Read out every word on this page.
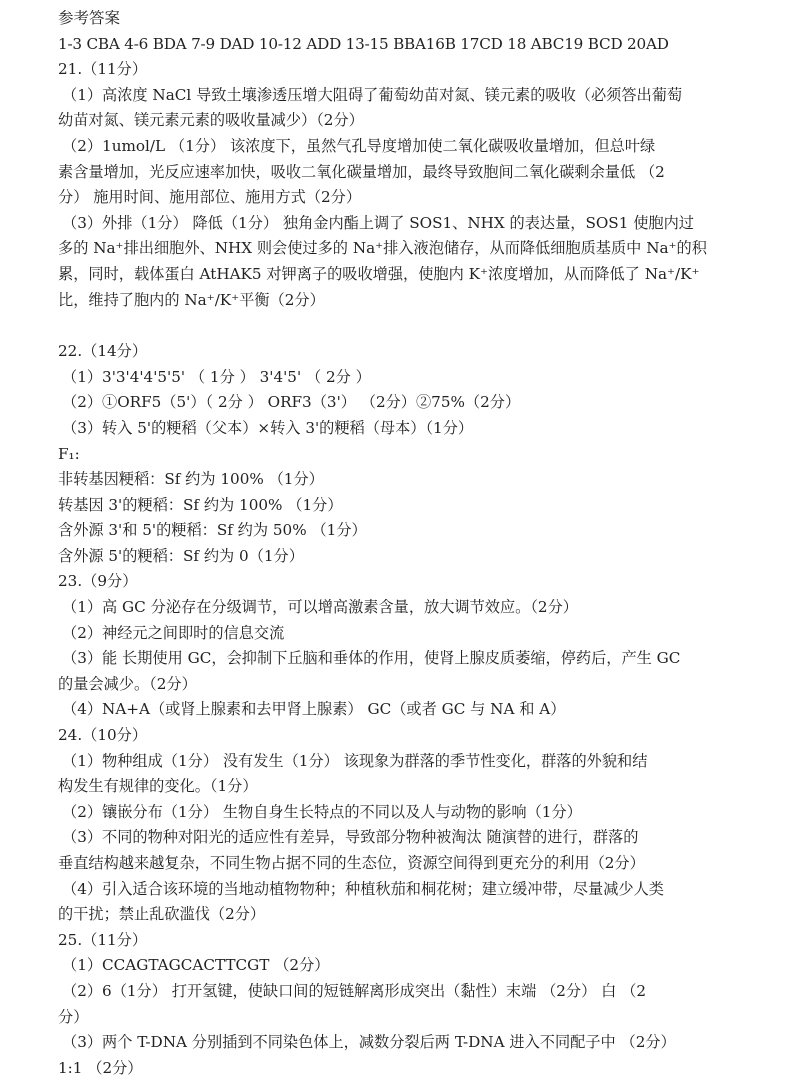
参考答案
1-3 CBA 4-6 BDA 7-9 DAD 10-12 ADD 13-15 BBA16B 17CD 18 ABC19 BCD 20AD
21.（11分）
（1）高浓度 NaCl 导致土壤渗透压增大阻碍了葡萄幼苗对氮、镁元素的吸收（必须答出葡萄
幼苗对氮、镁元素元素的吸收量减少）（2分）
（2）1umol/L （1分） 该浓度下，虽然气孔导度增加使二氧化碳吸收量增加，但总叶绿
素含量增加，光反应速率加快，吸收二氧化碳量增加，最终导致胞间二氧化碳剩余量低 （2
分） 施用时间、施用部位、施用方式（2分）
（3）外排（1分） 降低（1分） 独角金内酯上调了 SOS1、NHX 的表达量，SOS1 使胞内过
多的 Na⁺排出细胞外、NHX 则会使过多的 Na⁺排入液泡储存，从而降低细胞质基质中 Na⁺的积
累，同时，载体蛋白 AtHAK5 对钾离子的吸收增强，使胞内 K⁺浓度增加，从而降低了 Na⁺/K⁺
比，维持了胞内的 Na⁺/K⁺平衡（2分）
22.（14分）
（1）3'3'4'4'5'5' （ 1分 ） 3'4'5' （ 2分 ）
（2）①ORF5（5'）（ 2分 ） ORF3（3'） （2分）②75%（2分）
（3）转入 5'的粳稻（父本）×转入 3'的粳稻（母本）（1分）
F₁:
非转基因粳稻：Sf 约为 100% （1分）
转基因 3'的粳稻：Sf 约为 100% （1分）
含外源 3'和 5'的粳稻：Sf 约为 50% （1分）
含外源 5'的粳稻：Sf 约为 0（1分）
23.（9分）
（1）高 GC 分泌存在分级调节，可以增高激素含量，放大调节效应。（2分）
（2）神经元之间即时的信息交流
（3）能 长期使用 GC，会抑制下丘脑和垂体的作用，使肾上腺皮质萎缩，停药后，产生 GC
的量会减少。（2分）
（4）NA+A（或肾上腺素和去甲肾上腺素） GC（或者 GC 与 NA 和 A）
24.（10分）
（1）物种组成（1分） 没有发生（1分） 该现象为群落的季节性变化，群落的外貌和结
构发生有规律的变化。（1分）
（2）镶嵌分布（1分） 生物自身生长特点的不同以及人与动物的影响（1分）
（3）不同的物种对阳光的适应性有差异，导致部分物种被淘汰 随演替的进行，群落的
垂直结构越来越复杂，不同生物占据不同的生态位，资源空间得到更充分的利用（2分）
（4）引入适合该环境的当地动植物物种；种植秋茄和桐花树；建立缓冲带，尽量减少人类
的干扰；禁止乱砍滥伐（2分）
25.（11分）
（1）CCAGTAGCACTTCGT （2分）
（2）6（1分） 打开氢键，使缺口间的短链解离形成突出（黏性）末端 （2分） 白 （2
分）
（3）两个 T-DNA 分别插到不同染色体上，减数分裂后两 T-DNA 进入不同配子中 （2分）
1:1 （2分）
